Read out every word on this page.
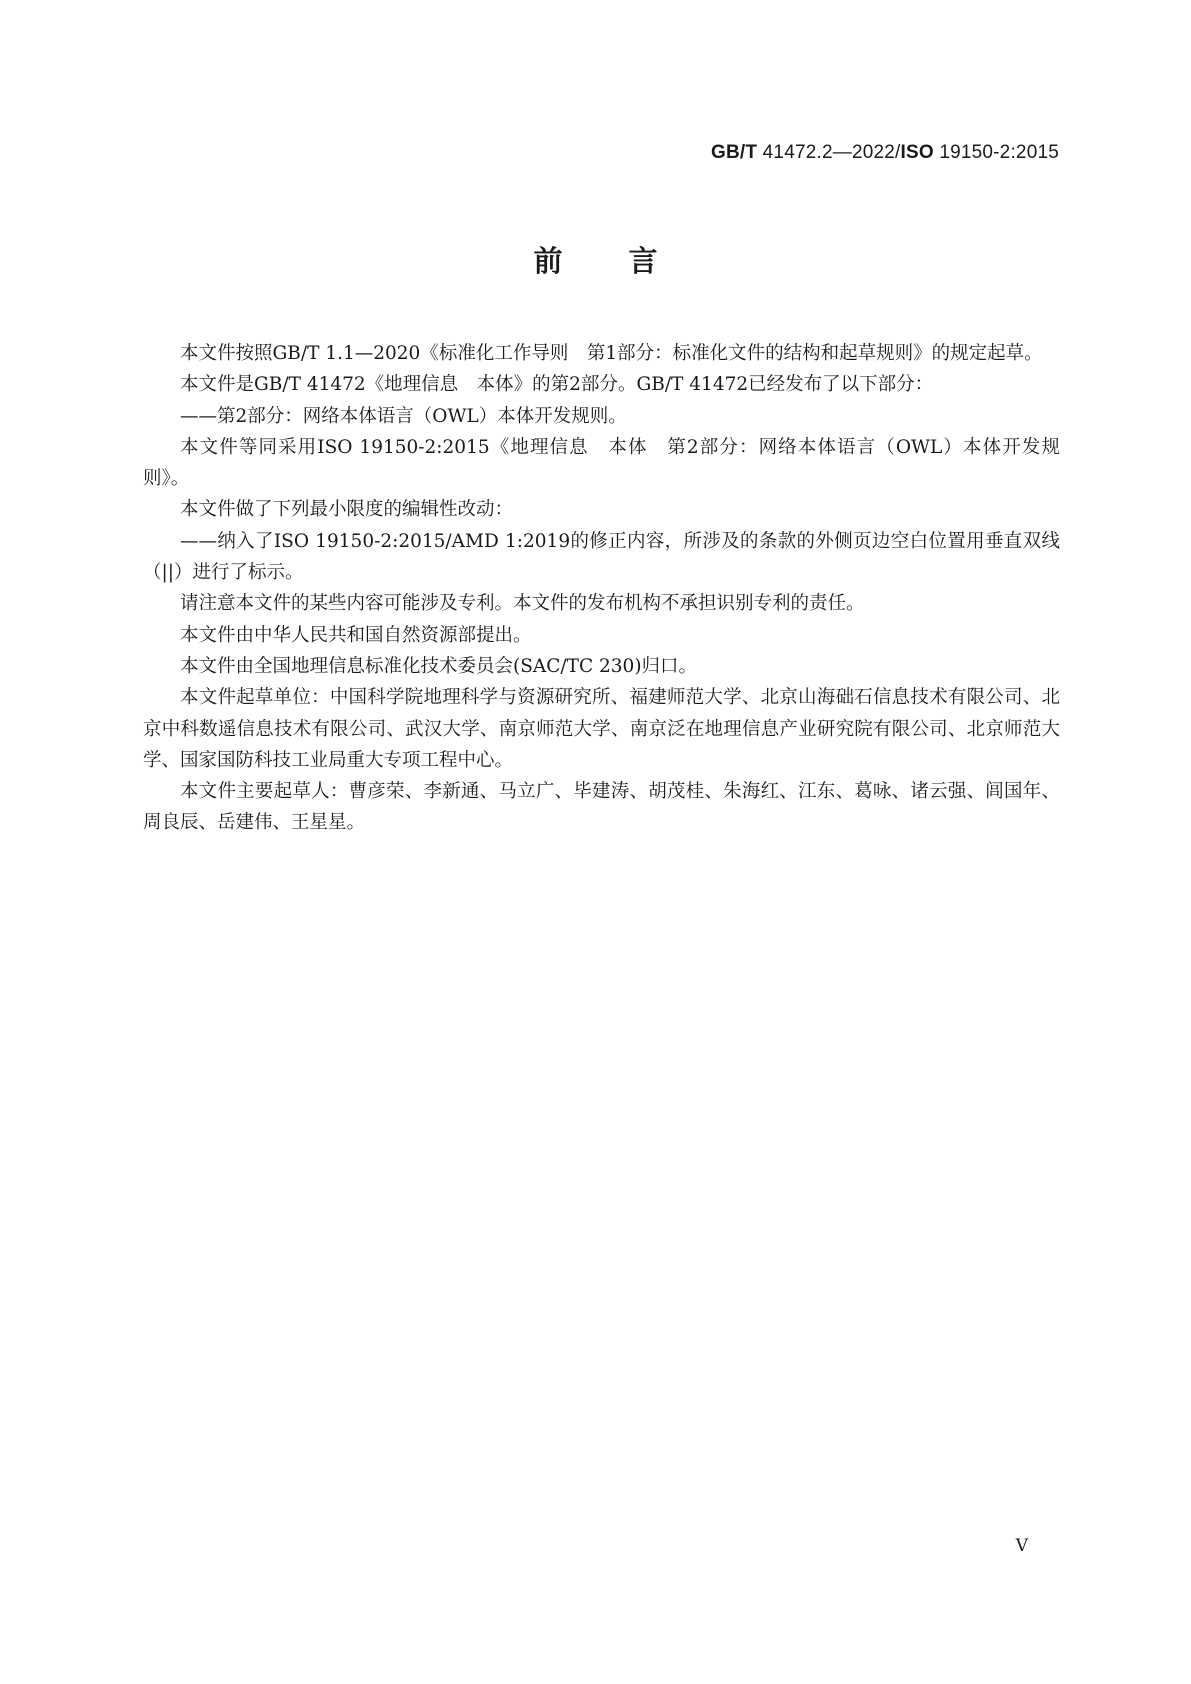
GB/T 41472.2—2022/ISO 19150-2:2015
前言

本文件按照GB/T 1.1—2020《标准化工作导则　第1部分：标准化文件的结构和起草规则》的规定起草。

本文件是GB/T 41472《地理信息　本体》的第2部分。GB/T 41472已经发布了以下部分：

——第2部分：网络本体语言（OWL）本体开发规则。

本文件等同采用ISO 19150-2:2015《地理信息　本体　第2部分：网络本体语言（OWL）本体开发规则》。

本文件做了下列最小限度的编辑性改动：

——纳入了ISO 19150-2:2015/AMD 1:2019的修正内容，所涉及的条款的外侧页边空白位置用垂直双线（||）进行了标示。

请注意本文件的某些内容可能涉及专利。本文件的发布机构不承担识别专利的责任。

本文件由中华人民共和国自然资源部提出。

本文件由全国地理信息标准化技术委员会(SAC/TC 230)归口。

本文件起草单位：中国科学院地理科学与资源研究所、福建师范大学、北京山海础石信息技术有限公司、北京中科数遥信息技术有限公司、武汉大学、南京师范大学、南京泛在地理信息产业研究院有限公司、北京师范大学、国家国防科技工业局重大专项工程中心。

本文件主要起草人：曹彦荣、李新通、马立广、毕建涛、胡茂桂、朱海红、江东、葛咏、诸云强、闾国年、周良辰、岳建伟、王星星。

V
